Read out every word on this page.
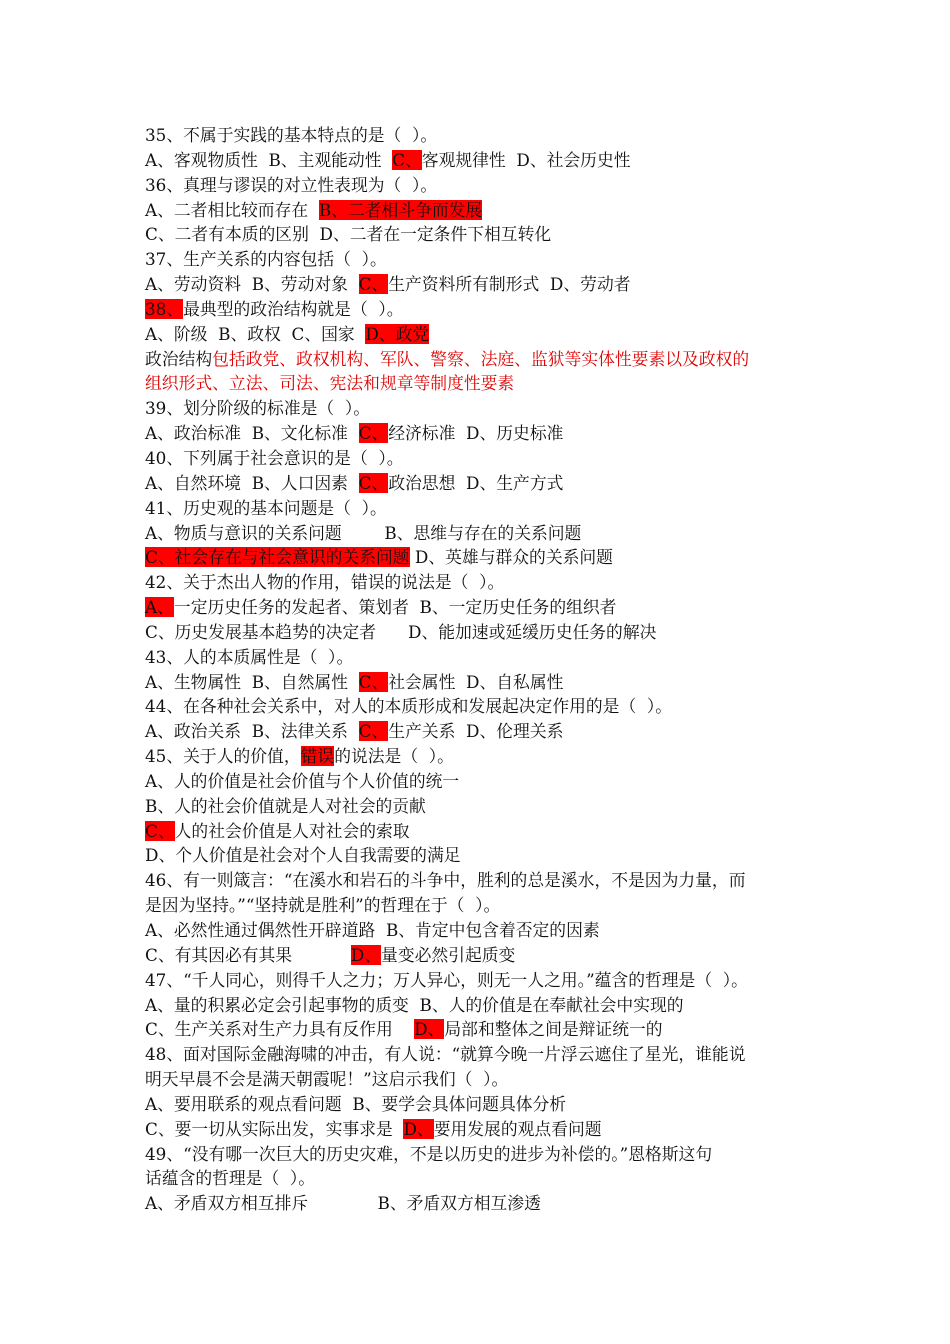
35、不属于实践的基本特点的是（  ）。
A、客观物质性  B、主观能动性  C、客观规律性  D、社会历史性
36、真理与谬误的对立性表现为（  ）。
A、二者相比较而存在  B、二者相斗争而发展
C、二者有本质的区别  D、二者在一定条件下相互转化
37、生产关系的内容包括（  ）。
A、劳动资料  B、劳动对象  C、生产资料所有制形式  D、劳动者
38、最典型的政治结构就是（  ）。
A、阶级  B、政权  C、国家  D、政党
政治结构包括政党、政权机构、军队、警察、法庭、监狱等实体性要素以及政权的
组织形式、立法、司法、宪法和规章等制度性要素
39、划分阶级的标准是（  ）。
A、政治标准  B、文化标准  C、经济标准  D、历史标准
40、下列属于社会意识的是（  ）。
A、自然环境  B、人口因素  C、政治思想  D、生产方式
41、历史观的基本问题是（  ）。
A、物质与意识的关系问题        B、思维与存在的关系问题
C、社会存在与社会意识的关系问题 D、英雄与群众的关系问题
42、关于杰出人物的作用，错误的说法是（  ）。
A、一定历史任务的发起者、策划者  B、一定历史任务的组织者
C、历史发展基本趋势的决定者      D、能加速或延缓历史任务的解决
43、人的本质属性是（  ）。
A、生物属性  B、自然属性  C、社会属性  D、自私属性
44、在各种社会关系中，对人的本质形成和发展起决定作用的是（  ）。
A、政治关系  B、法律关系  C、生产关系  D、伦理关系
45、关于人的价值，错误的说法是（  ）。
A、人的价值是社会价值与个人价值的统一
B、人的社会价值就是人对社会的贡献
C、人的社会价值是人对社会的索取
D、个人价值是社会对个人自我需要的满足
46、有一则箴言：“在溪水和岩石的斗争中，胜利的总是溪水，不是因为力量，而
是因为坚持。”“坚持就是胜利”的哲理在于（  ）。
A、必然性通过偶然性开辟道路  B、肯定中包含着否定的因素
C、有其因必有其果           D、量变必然引起质变
47、“千人同心，则得千人之力；万人异心，则无一人之用。”蕴含的哲理是（  ）。
A、量的积累必定会引起事物的质变  B、人的价值是在奉献社会中实现的
C、生产关系对生产力具有反作用    D、局部和整体之间是辩证统一的
48、面对国际金融海啸的冲击，有人说：“就算今晚一片浮云遮住了星光，谁能说
明天早晨不会是满天朝霞呢！”这启示我们（  ）。
A、要用联系的观点看问题  B、要学会具体问题具体分析
C、要一切从实际出发，实事求是  D、要用发展的观点看问题
49、“没有哪一次巨大的历史灾难，不是以历史的进步为补偿的。”恩格斯这句
话蕴含的哲理是（  ）。
A、矛盾双方相互排斥             B、矛盾双方相互渗透
